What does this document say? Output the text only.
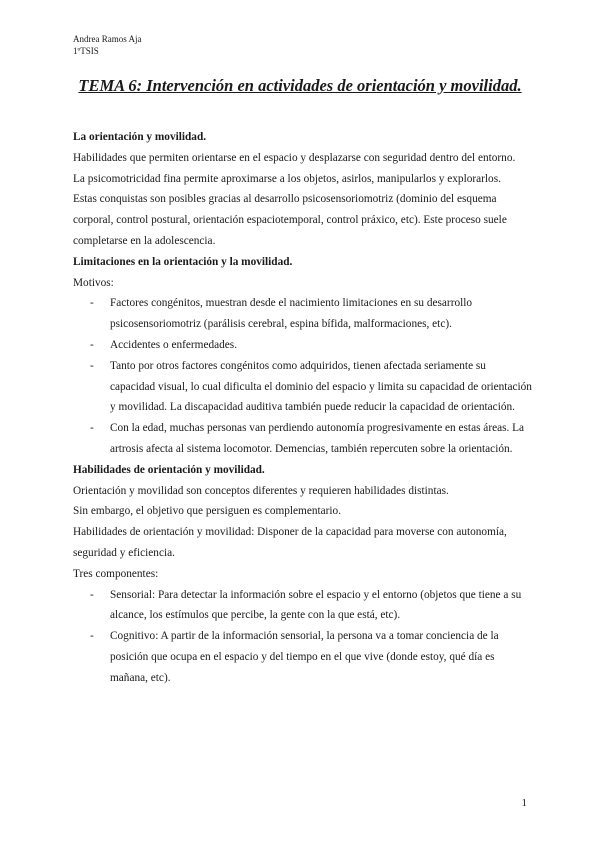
Andrea Ramos Aja
1ºTSIS
TEMA 6: Intervención en actividades de orientación y movilidad.

La orientación y movilidad.

Habilidades que permiten orientarse en el espacio y desplazarse con seguridad dentro del entorno.

La psicomotricidad fina permite aproximarse a los objetos, asirlos, manipularlos y explorarlos.

Estas conquistas son posibles gracias al desarrollo psicosensoriomotriz (dominio del esquema corporal, control postural, orientación espaciotemporal, control práxico, etc). Este proceso suele completarse en la adolescencia.

Limitaciones en la orientación y la movilidad.

Motivos:

- Factores congénitos, muestran desde el nacimiento limitaciones en su desarrollo psicosensoriomotriz (parálisis cerebral, espina bífida, malformaciones, etc).
- Accidentes o enfermedades.
- Tanto por otros factores congénitos como adquiridos, tienen afectada seriamente su capacidad visual, lo cual dificulta el dominio del espacio y limita su capacidad de orientación y movilidad. La discapacidad auditiva también puede reducir la capacidad de orientación.
- Con la edad, muchas personas van perdiendo autonomía progresivamente en estas áreas. La artrosis afecta al sistema locomotor. Demencias, también repercuten sobre la orientación.

Habilidades de orientación y movilidad.

Orientación y movilidad son conceptos diferentes y requieren habilidades distintas.

Sin embargo, el objetivo que persiguen es complementario.

Habilidades de orientación y movilidad: Disponer de la capacidad para moverse con autonomía, seguridad y eficiencia.

Tres componentes:

- Sensorial: Para detectar la información sobre el espacio y el entorno (objetos que tiene a su alcance, los estímulos que percibe, la gente con la que está, etc).
- Cognitivo: A partir de la información sensorial, la persona va a tomar conciencia de la posición que ocupa en el espacio y del tiempo en el que vive (donde estoy, qué día es mañana, etc).
1
